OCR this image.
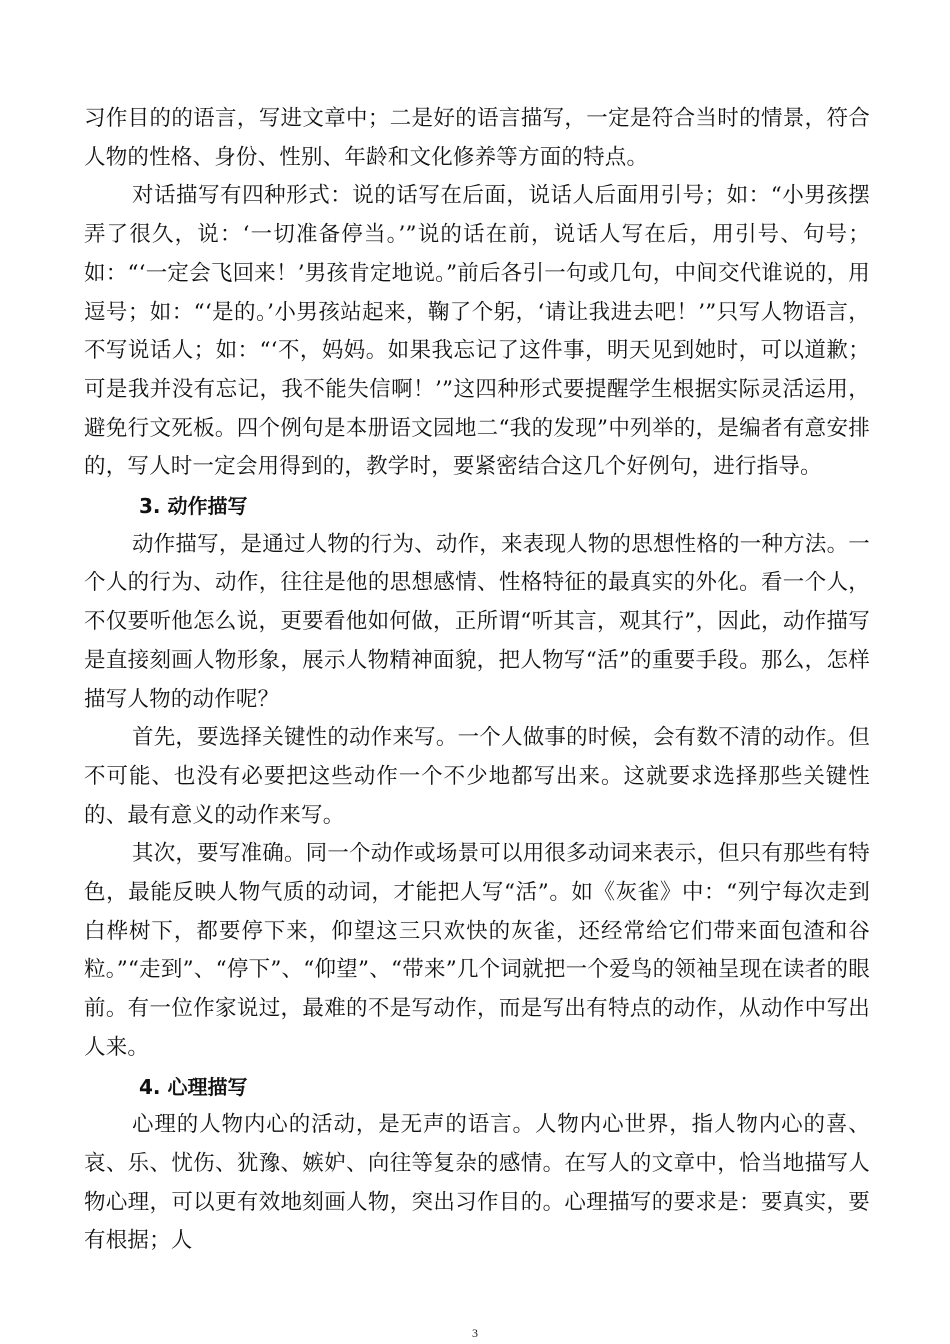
习作目的的语言，写进文章中；二是好的语言描写，一定是符合当时的情景，符合人物的性格、身份、性别、年龄和文化修养等方面的特点。

对话描写有四种形式：说的话写在后面，说话人后面用引号；如：“小男孩摆弄了很久，说：‘一切准备停当。’”说的话在前，说话人写在后，用引号、句号；如：“‘一定会飞回来！’男孩肯定地说。”前后各引一句或几句，中间交代谁说的，用逗号；如：“‘是的。’小男孩站起来，鞠了个躬，‘请让我进去吧！’”只写人物语言，不写说话人；如：“‘不，妈妈。如果我忘记了这件事，明天见到她时，可以道歉；可是我并没有忘记，我不能失信啊！’”这四种形式要提醒学生根据实际灵活运用，避免行文死板。四个例句是本册语文园地二“我的发现”中列举的，是编者有意安排的，写人时一定会用得到的，教学时，要紧密结合这几个好例句，进行指导。

3. 动作描写

动作描写，是通过人物的行为、动作，来表现人物的思想性格的一种方法。一个人的行为、动作，往往是他的思想感情、性格特征的最真实的外化。看一个人，不仅要听他怎么说，更要看他如何做，正所谓“听其言，观其行”，因此，动作描写是直接刻画人物形象，展示人物精神面貌，把人物写“活”的重要手段。那么，怎样描写人物的动作呢？

首先，要选择关键性的动作来写。一个人做事的时候，会有数不清的动作。但不可能、也没有必要把这些动作一个不少地都写出来。这就要求选择那些关键性的、最有意义的动作来写。

其次，要写准确。同一个动作或场景可以用很多动词来表示，但只有那些有特色，最能反映人物气质的动词，才能把人写“活”。如《灰雀》中：“列宁每次走到白桦树下，都要停下来，仰望这三只欢快的灰雀，还经常给它们带来面包渣和谷粒。”“走到”、“停下”、“仰望”、“带来”几个词就把一个爱鸟的领袖呈现在读者的眼前。有一位作家说过，最难的不是写动作，而是写出有特点的动作，从动作中写出人来。

4. 心理描写

心理的人物内心的活动，是无声的语言。人物内心世界，指人物内心的喜、哀、乐、忧伤、犹豫、嫉妒、向往等复杂的感情。在写人的文章中，恰当地描写人物心理，可以更有效地刻画人物，突出习作目的。心理描写的要求是：要真实，要有根据；人

3
